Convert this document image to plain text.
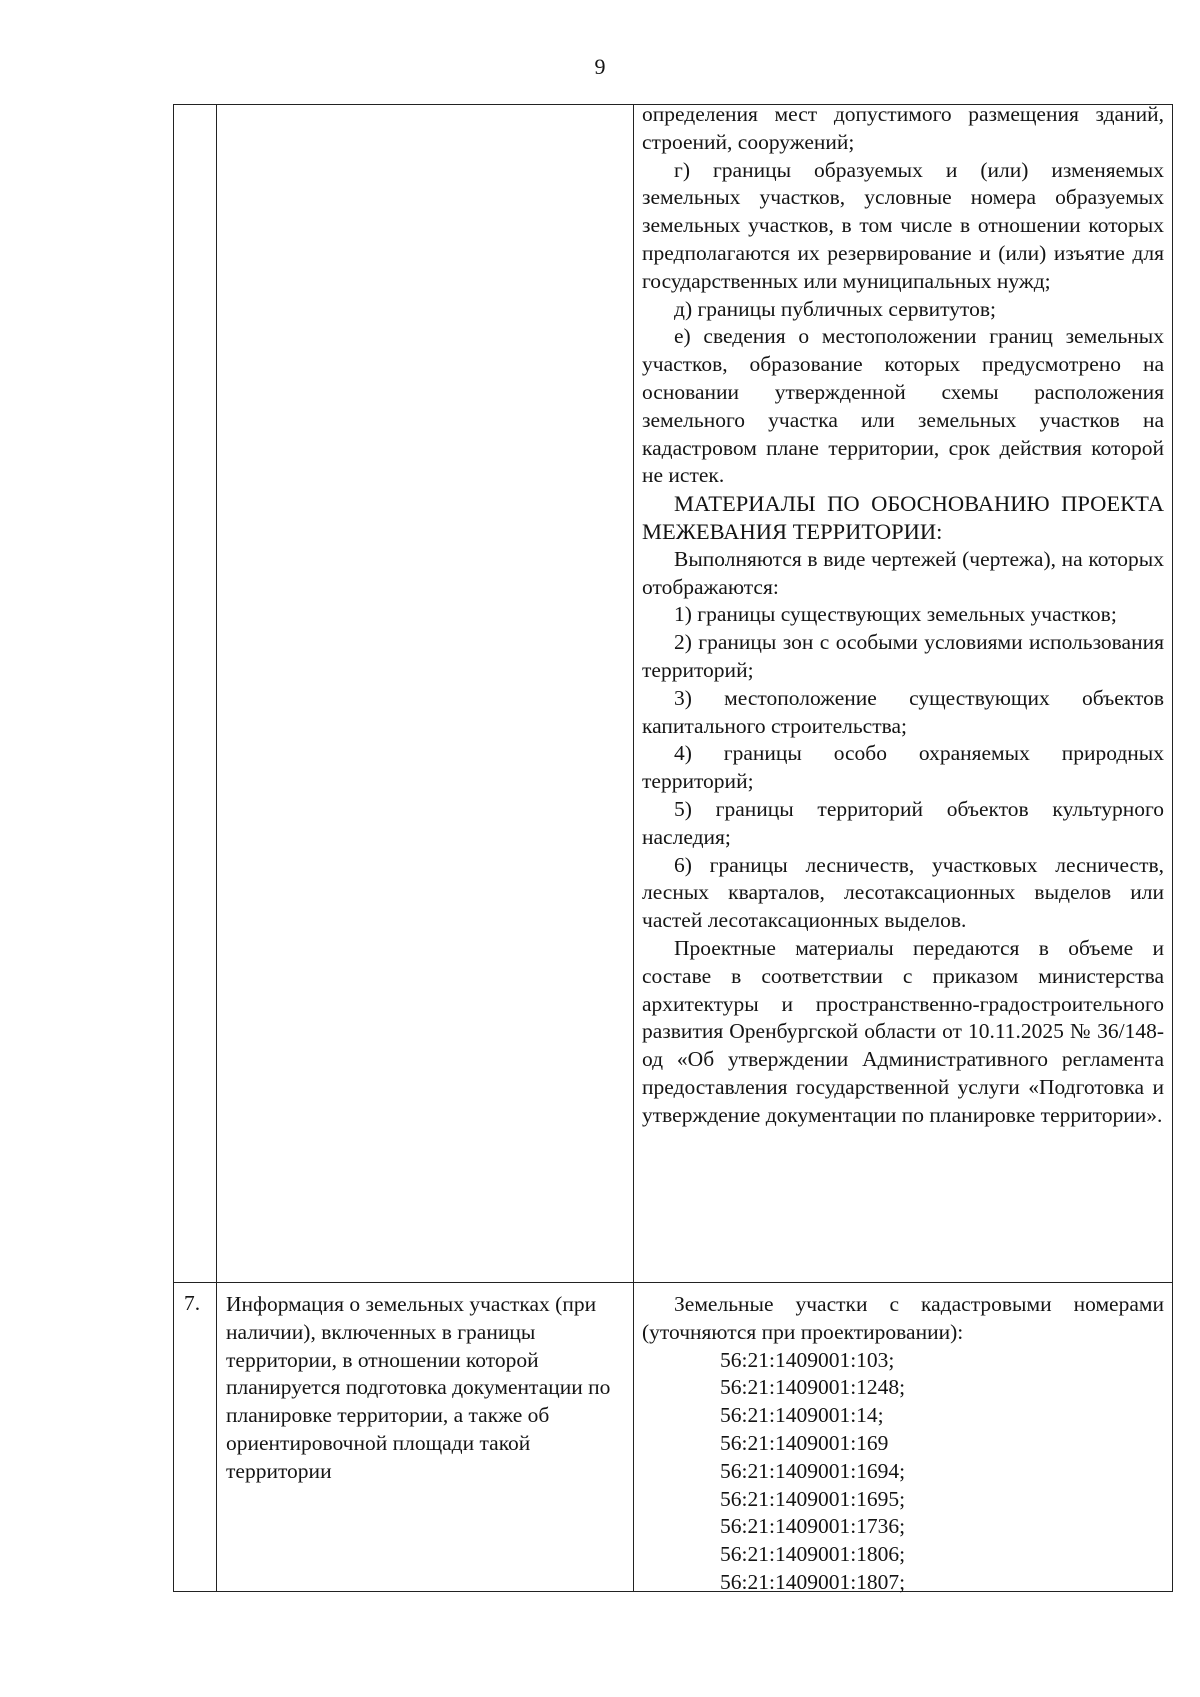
9

определения мест допустимого размещения зданий, строений, сооружений;

г) границы образуемых и (или) изменяемых земельных участков, условные номера образуемых земельных участков, в том числе в отношении которых предполагаются их резервирование и (или) изъятие для государственных или муниципальных нужд;

д) границы публичных сервитутов;

е) сведения о местоположении границ земельных участков, образование которых предусмотрено на основании утвержденной схемы расположения земельного участка или земельных участков на кадастровом плане территории, срок действия которой не истек.

МАТЕРИАЛЫ ПО ОБОСНОВАНИЮ ПРОЕКТА МЕЖЕВАНИЯ ТЕРРИТОРИИ:

Выполняются в виде чертежей (чертежа), на которых отображаются:

1) границы существующих земельных участков;

2) границы зон с особыми условиями использования территорий;

3) местоположение существующих объектов капитального строительства;

4) границы особо охраняемых природных территорий;

5) границы территорий объектов культурного наследия;

6) границы лесничеств, участковых лесничеств, лесных кварталов, лесотаксационных выделов или частей лесотаксационных выделов.

Проектные материалы передаются в объеме и составе в соответствии с приказом министерства архитектуры и пространственно-градостроительного развития Оренбургской области от 10.11.2025 № 36/148-од «Об утверждении Административного регламента предоставления государственной услуги «Подготовка и утверждение документации по планировке территории».

7. Информация о земельных участках (при наличии), включенных в границы территории, в отношении которой планируется подготовка документации по планировке территории, а также об ориентировочной площади такой территории

Земельные участки с кадастровыми номерами (уточняются при проектировании):

56:21:1409001:103;

56:21:1409001:1248;

56:21:1409001:14;

56:21:1409001:169

56:21:1409001:1694;

56:21:1409001:1695;

56:21:1409001:1736;

56:21:1409001:1806;

56:21:1409001:1807;
